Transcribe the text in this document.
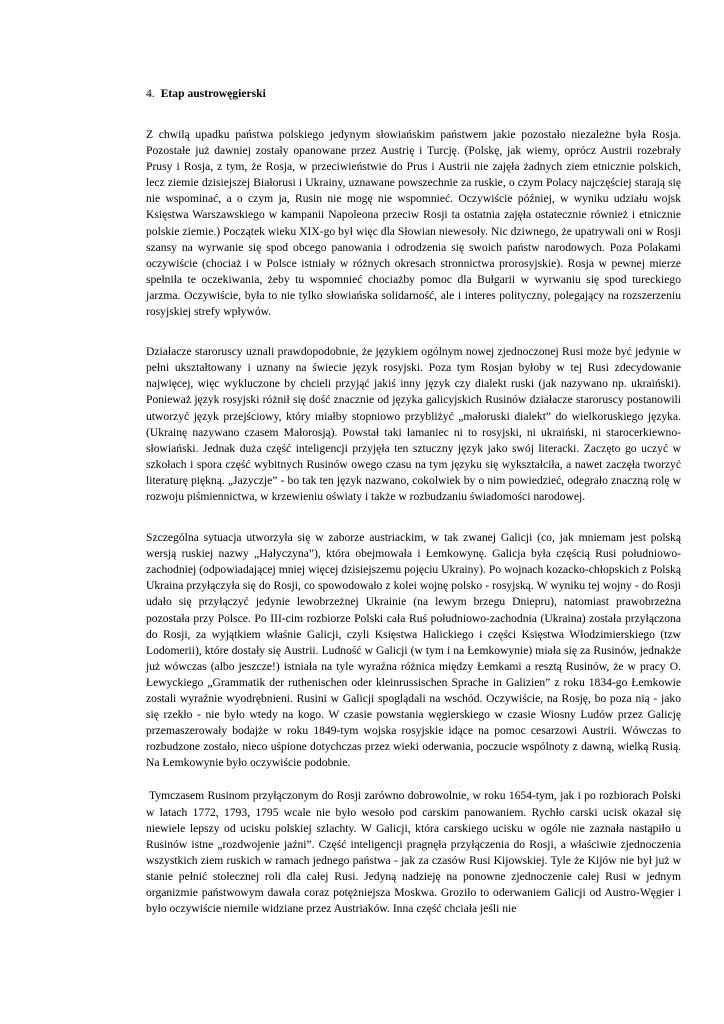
4. Etap austrowęgierski

Z chwilą upadku państwa polskiego jedynym słowiańskim państwem jakie pozostało niezależne była Rosja. Pozostałe już dawniej zostały opanowane przez Austrię i Turcję. (Polskę, jak wiemy, oprócz Austrii rozebrały Prusy i Rosja, z tym, że Rosja, w przeciwieństwie do Prus i Austrii nie zajęła żadnych ziem etnicznie polskich, lecz ziemie dzisiejszej Białorusi i Ukrainy, uznawane powszechnie za ruskie, o czym Polacy najczęściej starają się nie wspominać, a o czym ja, Rusin nie mogę nie wspomnieć. Oczywiście później, w wyniku udziału wojsk Księstwa Warszawskiego w kampanii Napoleona przeciw Rosji ta ostatnia zajęła ostatecznie również i etnicznie polskie ziemie.) Początek wieku XIX-go był więc dla Słowian niewesoły. Nic dziwnego, że upatrywali oni w Rosji szansy na wyrwanie się spod obcego panowania i odrodzenia się swoich państw narodowych. Poza Polakami oczywiście (chociaż i w Polsce istniały w różnych okresach stronnictwa prorosyjskie). Rosja w pewnej mierze spełniła te oczekiwania, żeby tu wspomnieć chociażby pomoc dla Bułgarii w wyrwaniu się spod tureckiego jarzma. Oczywiście, była to nie tylko słowiańska solidarność, ale i interes polityczny, polegający na rozszerzeniu rosyjskiej strefy wpływów.

Działacze staroruscy uznali prawdopodobnie, że językiem ogólnym nowej zjednoczonej Rusi może być jedynie w pełni ukształtowany i uznany na świecie język rosyjski. Poza tym Rosjan byłoby w tej Rusi zdecydowanie najwięcej, więc wykluczone by chcieli przyjąć jakiś inny język czy dialekt ruski (jak nazywano np. ukraiński). Ponieważ język rosyjski różnił się dość znacznie od języka galicyjskich Rusinów działacze staroruscy postanowili utworzyć język przejściowy, który miałby stopniowo przybliżyć „małoruski dialekt” do wielkoruskiego języka. (Ukrainę nazywano czasem Małorosją). Powstał taki łamaniec ni to rosyjski, ni ukraiński, ni starocerkiewno-słowiański. Jednak duża część inteligencji przyjęła ten sztuczny język jako swój literacki. Zaczęto go uczyć w szkołach i spora część wybitnych Rusinów owego czasu na tym języku się wykształciła, a nawet zaczęła tworzyć literaturę piękną. „Jazyczje” - bo tak ten język nazwano, cokolwiek by o nim powiedzieć, odegrało znaczną rolę w rozwoju piśmiennictwa, w krzewieniu oświaty i także w rozbudzaniu świadomości narodowej.

Szczególna sytuacja utworzyła się w zaborze austriackim, w tak zwanej Galicji (co, jak mniemam jest polską wersją ruskiej nazwy „Hałyczyna”), która obejmowała i Łemkowynę. Galicja była częścią Rusi południowo-zachodniej (odpowiadającej mniej więcej dzisiejszemu pojęciu Ukrainy). Po wojnach kozacko-chłopskich z Polską Ukraina przyłączyła się do Rosji, co spowodowało z kolei wojnę polsko - rosyjską. W wyniku tej wojny - do Rosji udało się przyłączyć jedynie lewobrzeżnej Ukrainie (na lewym brzegu Dniepru), natomiast prawobrzeżna pozostała przy Polsce. Po III-cim rozbiorze Polski cała Ruś południowo-zachodnia (Ukraina) została przyłączona do Rosji, za wyjątkiem właśnie Galicji, czyli Księstwa Halickiego i części Księstwa Włodzimierskiego (tzw Lodomerii), które dostały się Austrii. Ludność w Galicji (w tym i na Łemkowynie) miała się za Rusinów, jednakże już wówczas (albo jeszcze!) istniała na tyle wyraźna różnica między Łemkami a resztą Rusinów, że w pracy O. Łewyckiego „Grammatik der ruthenischen oder kleinrussischen Sprache in Galizien” z roku 1834-go Łemkowie zostali wyraźnie wyodrębnieni. Rusini w Galicji spoglądali na wschód. Oczywiście, na Rosję, bo poza nią - jako się rzekło - nie było wtedy na kogo. W czasie powstania węgierskiego w czasie Wiosny Ludów przez Galicję przemaszerowały bodajże w roku 1849-tym wojska rosyjskie idące na pomoc cesarzowi Austrii. Wówczas to rozbudzone zostało, nieco uśpione dotychczas przez wieki oderwania, poczucie wspólnoty z dawną, wielką Rusią. Na Łemkowynie było oczywiście podobnie.

Tymczasem Rusinom przyłączonym do Rosji zarówno dobrowolnie, w roku 1654-tym, jak i po rozbiorach Polski w latach 1772, 1793, 1795 wcale nie było wesoło pod carskim panowaniem. Rychło carski ucisk okazał się niewiele lepszy od ucisku polskiej szlachty. W Galicji, która carskiego ucisku w ogóle nie zaznała nastąpiło u Rusinów istne „rozdwojenie jaźni”. Część inteligencji pragnęła przyłączenia do Rosji, a właściwie zjednoczenia wszystkich ziem ruskich w ramach jednego państwa - jak za czasów Rusi Kijowskiej. Tyle że Kijów nie był już w stanie pełnić stołecznej roli dla całej Rusi. Jedyną nadzieję na ponowne zjednoczenie całej Rusi w jednym organizmie państwowym dawała coraz potężniejsza Moskwa. Groziło to oderwaniem Galicji od Austro-Węgier i było oczywiście niemile widziane przez Austriaków. Inna część chciała jeśli nie
